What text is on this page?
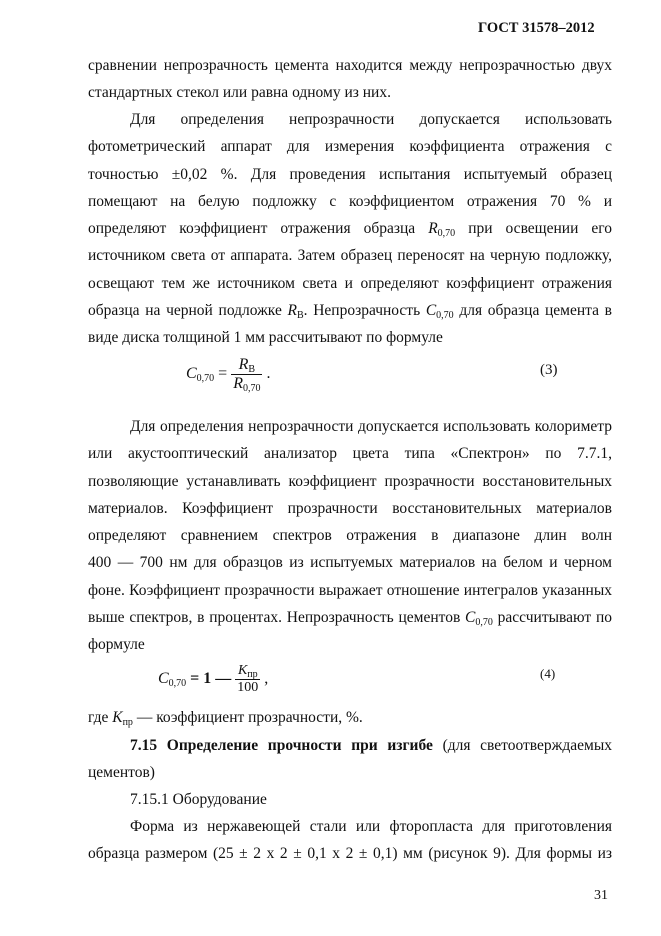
ГОСТ 31578–2012
сравнении непрозрачность цемента находится между непрозрачностью двух
стандартных стекол или равна одному из них.
Для определения непрозрачности допускается использовать
фотометрический аппарат для измерения коэффициента отражения с
точностью ±0,02 %. Для проведения испытания испытуемый образец
помещают на белую подложку с коэффициентом отражения 70 % и
определяют коэффициент отражения образца $R_{0,70}$ при освещении его
источником света от аппарата. Затем образец переносят на черную подложку,
освещают тем же источником света и определяют коэффициент отражения
образца на черной подложке $R_B$. Непрозрачность $C_{0,70}$ для образца цемента в
виде диска толщиной 1 мм рассчитывают по формуле
$C_{0,70} = \frac{R_B}{R_{0,70}}$ .	(3)
Для определения непрозрачности допускается использовать колориметр
или акустооптический анализатор цвета типа «Спектрон» по 7.7.1,
позволяющие устанавливать коэффициент прозрачности восстановительных
материалов. Коэффициент прозрачности восстановительных материалов
определяют сравнением спектров отражения в диапазоне длин волн
400 — 700 нм для образцов из испытуемых материалов на белом и черном
фоне. Коэффициент прозрачности выражает отношение интегралов указанных
выше спектров, в процентах. Непрозрачность цементов $C_{0,70}$ рассчитывают по
формуле
$C_{0,70} = 1$ — $\frac{K_{пр}}{100}$ ,	(4)
где $K_{пр}$ — коэффициент прозрачности, %.
7.15 Определение прочности при изгибе (для светоотверждаемых
цементов)
7.15.1 Оборудование
Форма из нержавеющей стали или фторопласта для приготовления
образца размером (25 ± 2 x 2 ± 0,1 x 2 ± 0,1) мм (рисунок 9). Для формы из
31
